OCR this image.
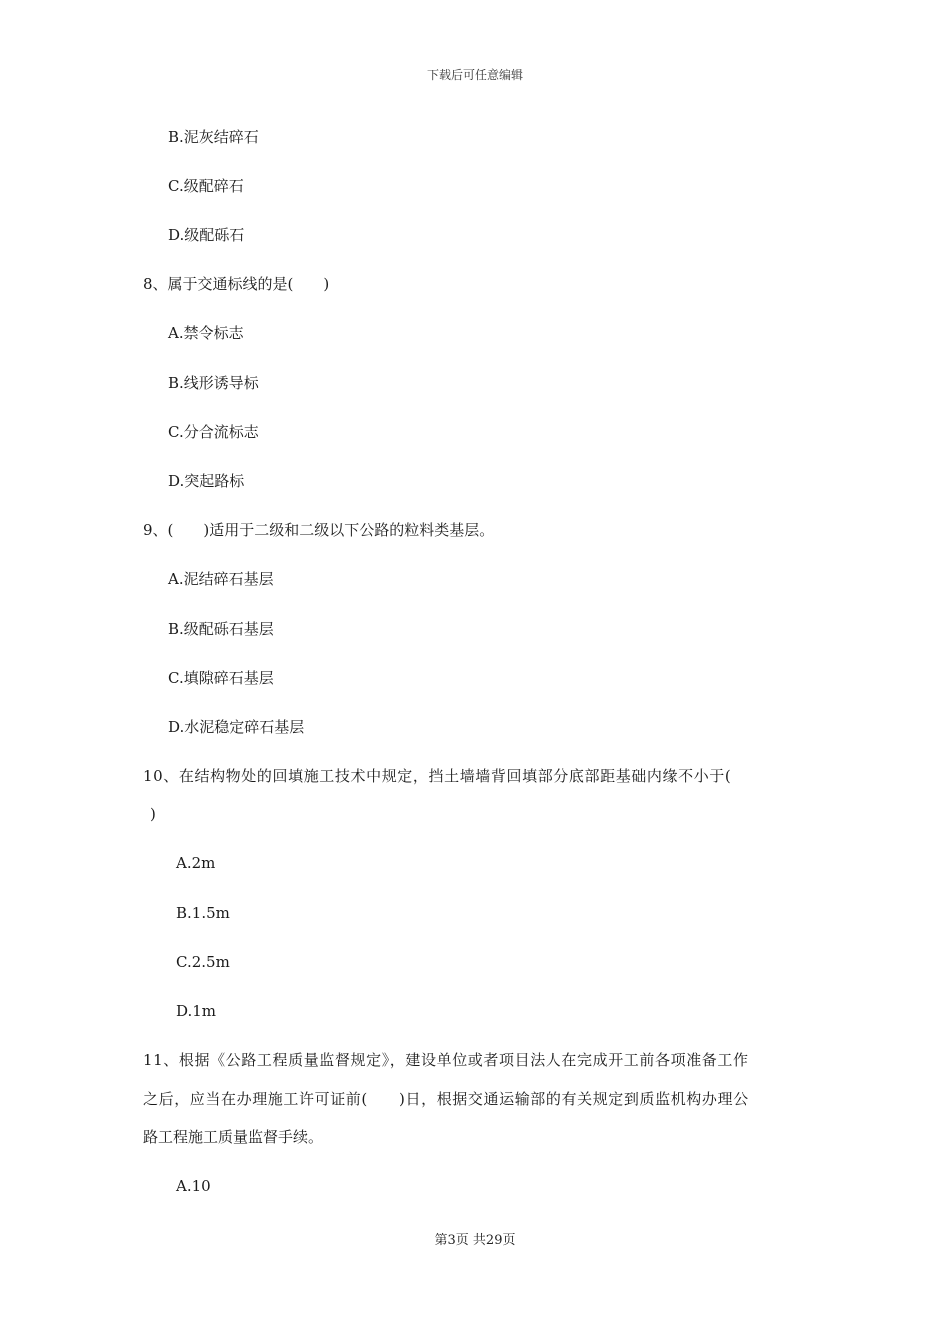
下载后可任意编辑
B.泥灰结碎石
C.级配碎石
D.级配砾石
8、属于交通标线的是(　　)
A.禁令标志
B.线形诱导标
C.分合流标志
D.突起路标
9、(　　)适用于二级和二级以下公路的粒料类基层。
A.泥结碎石基层
B.级配砾石基层
C.填隙碎石基层
D.水泥稳定碎石基层
10、在结构物处的回填施工技术中规定，挡土墙墙背回填部分底部距基础内缘不小于(
)
A.2m
B.1.5m
C.2.5m
D.1m
11、根据《公路工程质量监督规定》，建设单位或者项目法人在完成开工前各项准备工作
之后，应当在办理施工许可证前(　　)日，根据交通运输部的有关规定到质监机构办理公
路工程施工质量监督手续。
A.10
第3页 共29页
